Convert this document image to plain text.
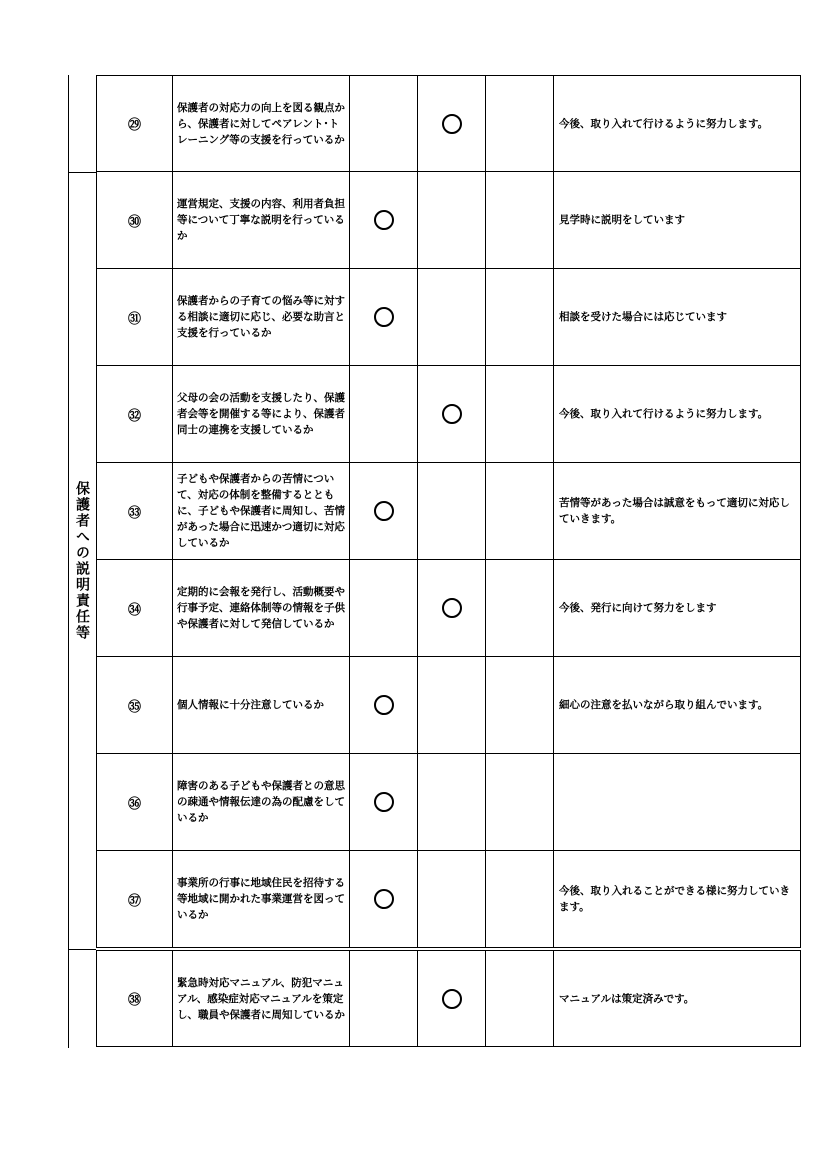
保護者への説明責任等
㉙
保護者の対応力の向上を図る観点から、保護者に対してペアレント･トレーニング等の支援を行っているか
今後、取り入れて行けるように努力します。
㉚
運営規定、支援の内容、利用者負担等について丁寧な説明を行っているか
見学時に説明をしています
㉛
保護者からの子育ての悩み等に対する相談に適切に応じ、必要な助言と支援を行っているか
相談を受けた場合には応じています
㉜
父母の会の活動を支援したり、保護者会等を開催する等により、保護者同士の連携を支援しているか
今後、取り入れて行けるように努力します。
㉝
子どもや保護者からの苦情について、対応の体制を整備するとともに、子どもや保護者に周知し、苦情があった場合に迅速かつ適切に対応しているか
苦情等があった場合は誠意をもって適切に対応していきます。
㉞
定期的に会報を発行し、活動概要や行事予定、連絡体制等の情報を子供や保護者に対して発信しているか
今後、発行に向けて努力をします
㉟	個人情報に十分注意しているか	細心の注意を払いながら取り組んでいます。
㊱
障害のある子どもや保護者との意思の疎通や情報伝達の為の配慮をしているか
㊲
事業所の行事に地域住民を招待する等地域に開かれた事業運営を図っているか
今後、取り入れることができる様に努力していきます。
㊳
緊急時対応マニュアル、防犯マニュアル、感染症対応マニュアルを策定し、職員や保護者に周知しているか
マニュアルは策定済みです。
